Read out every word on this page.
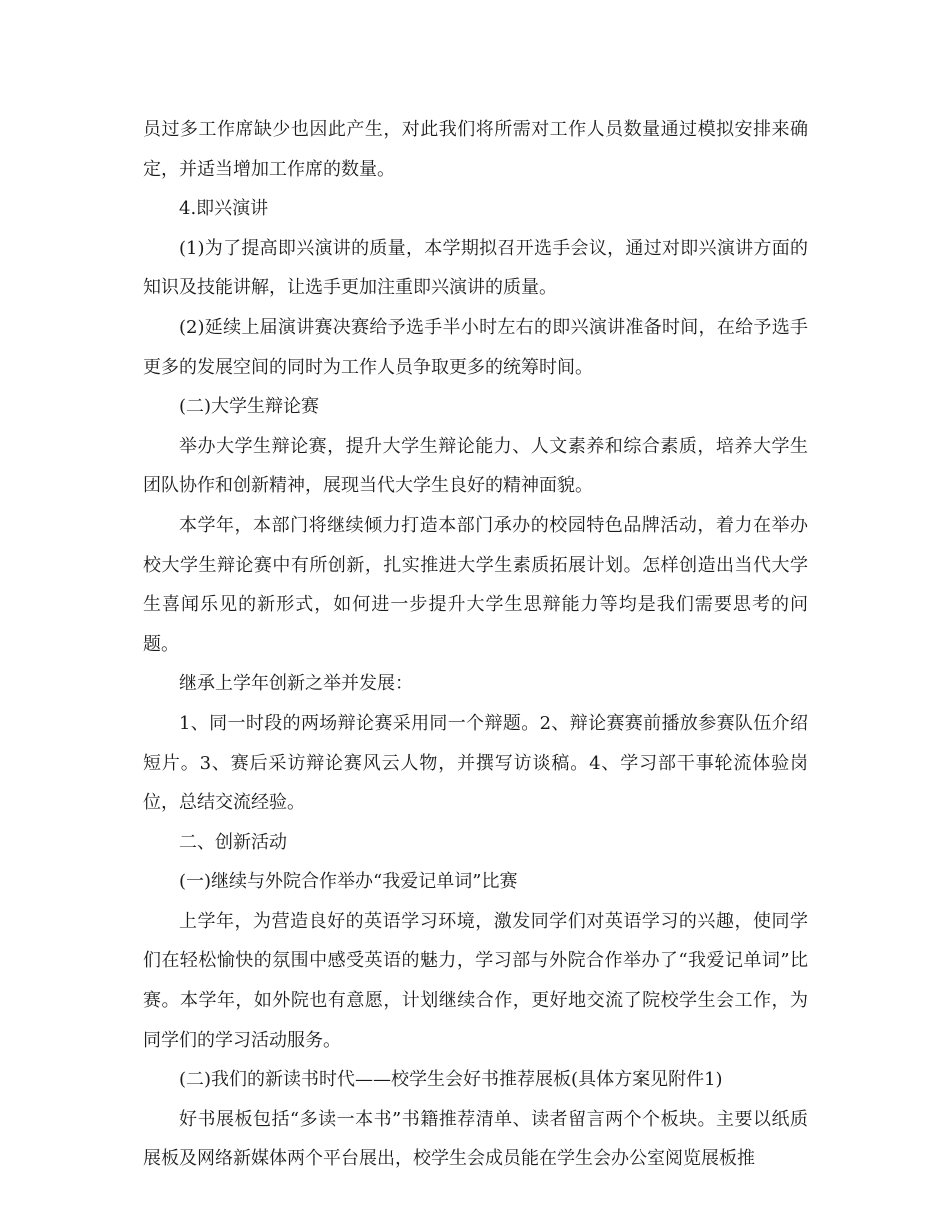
员过多工作席缺少也因此产生，对此我们将所需对工作人员数量通过模拟安排来确定，并适当增加工作席的数量。

4.即兴演讲

(1)为了提高即兴演讲的质量，本学期拟召开选手会议，通过对即兴演讲方面的知识及技能讲解，让选手更加注重即兴演讲的质量。

(2)延续上届演讲赛决赛给予选手半小时左右的即兴演讲准备时间，在给予选手更多的发展空间的同时为工作人员争取更多的统筹时间。

(二)大学生辩论赛

举办大学生辩论赛，提升大学生辩论能力、人文素养和综合素质，培养大学生团队协作和创新精神，展现当代大学生良好的精神面貌。

本学年，本部门将继续倾力打造本部门承办的校园特色品牌活动，着力在举办校大学生辩论赛中有所创新，扎实推进大学生素质拓展计划。怎样创造出当代大学生喜闻乐见的新形式，如何进一步提升大学生思辩能力等均是我们需要思考的问题。

继承上学年创新之举并发展：

1、同一时段的两场辩论赛采用同一个辩题。2、辩论赛赛前播放参赛队伍介绍短片。3、赛后采访辩论赛风云人物，并撰写访谈稿。4、学习部干事轮流体验岗位，总结交流经验。

二、创新活动

(一)继续与外院合作举办“我爱记单词”比赛

上学年，为营造良好的英语学习环境，激发同学们对英语学习的兴趣，使同学们在轻松愉快的氛围中感受英语的魅力，学习部与外院合作举办了“我爱记单词”比赛。本学年，如外院也有意愿，计划继续合作，更好地交流了院校学生会工作，为同学们的学习活动服务。

(二)我们的新读书时代——校学生会好书推荐展板(具体方案见附件1)

好书展板包括“多读一本书”书籍推荐清单、读者留言两个个板块。主要以纸质展板及网络新媒体两个平台展出，校学生会成员能在学生会办公室阅览展板推
